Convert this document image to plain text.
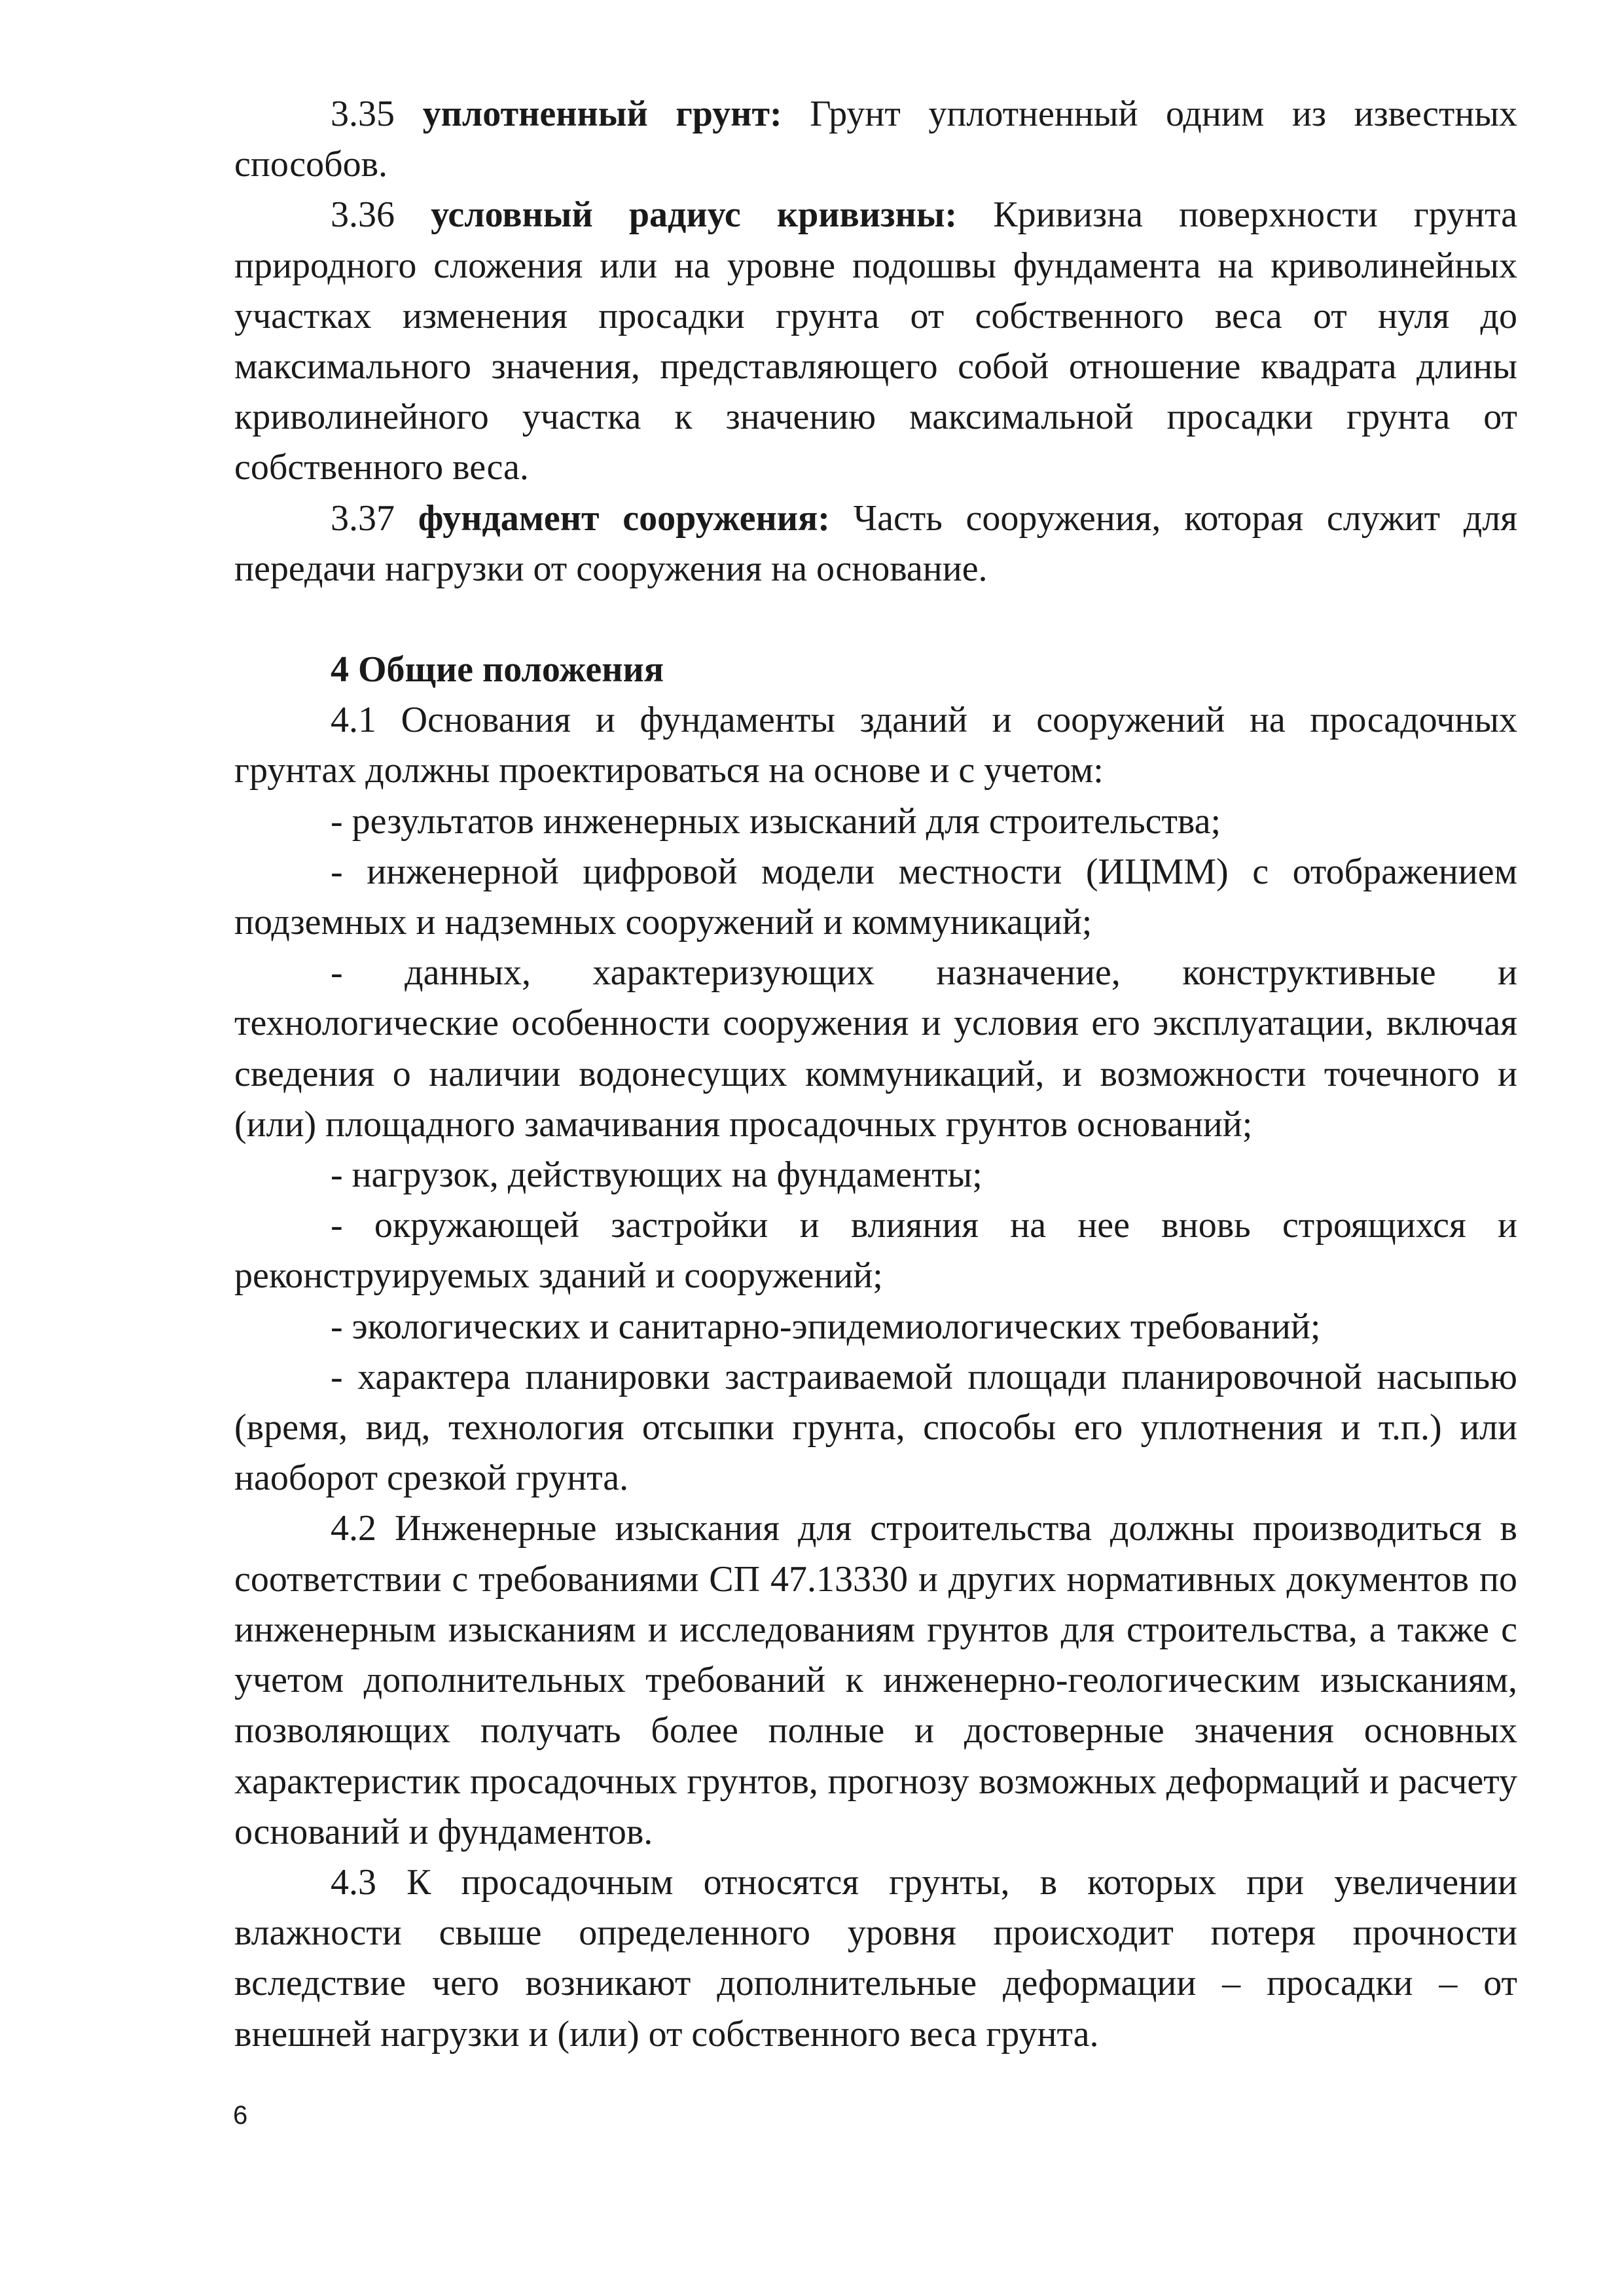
3.35 уплотненный грунт: Грунт уплотненный одним из известных способов.

3.36 условный радиус кривизны: Кривизна поверхности грунта природного сложения или на уровне подошвы фундамента на криволинейных участках изменения просадки грунта от собственного веса от нуля до максимального значения, представляющего собой отношение квадрата длины криволинейного участка к значению максимальной просадки грунта от собственного веса.

3.37 фундамент сооружения: Часть сооружения, которая служит для передачи нагрузки от сооружения на основание.

4 Общие положения

4.1 Основания и фундаменты зданий и сооружений на просадочных грунтах должны проектироваться на основе и с учетом:

- результатов инженерных изысканий для строительства;

- инженерной цифровой модели местности (ИЦММ) с отображением подземных и надземных сооружений и коммуникаций;

- данных, характеризующих назначение, конструктивные и технологические особенности сооружения и условия его эксплуатации, включая сведения о наличии водонесущих коммуникаций, и возможности точечного и (или) площадного замачивания просадочных грунтов оснований;

- нагрузок, действующих на фундаменты;

- окружающей застройки и влияния на нее вновь строящихся и реконструируемых зданий и сооружений;

- экологических и санитарно-эпидемиологических требований;

- характера планировки застраиваемой площади планировочной насыпью (время, вид, технология отсыпки грунта, способы его уплотнения и т.п.) или наоборот срезкой грунта.

4.2 Инженерные изыскания для строительства должны производиться в соответствии с требованиями СП 47.13330 и других нормативных документов по инженерным изысканиям и исследованиям грунтов для строительства, а также с учетом дополнительных требований к инженерно-геологическим изысканиям, позволяющих получать более полные и достоверные значения основных характеристик просадочных грунтов, прогнозу возможных деформаций и расчету оснований и фундаментов.

4.3 К просадочным относятся грунты, в которых при увеличении влажности свыше определенного уровня происходит потеря прочности вследствие чего возникают дополнительные деформации – просадки – от внешней нагрузки и (или) от собственного веса грунта.

6
